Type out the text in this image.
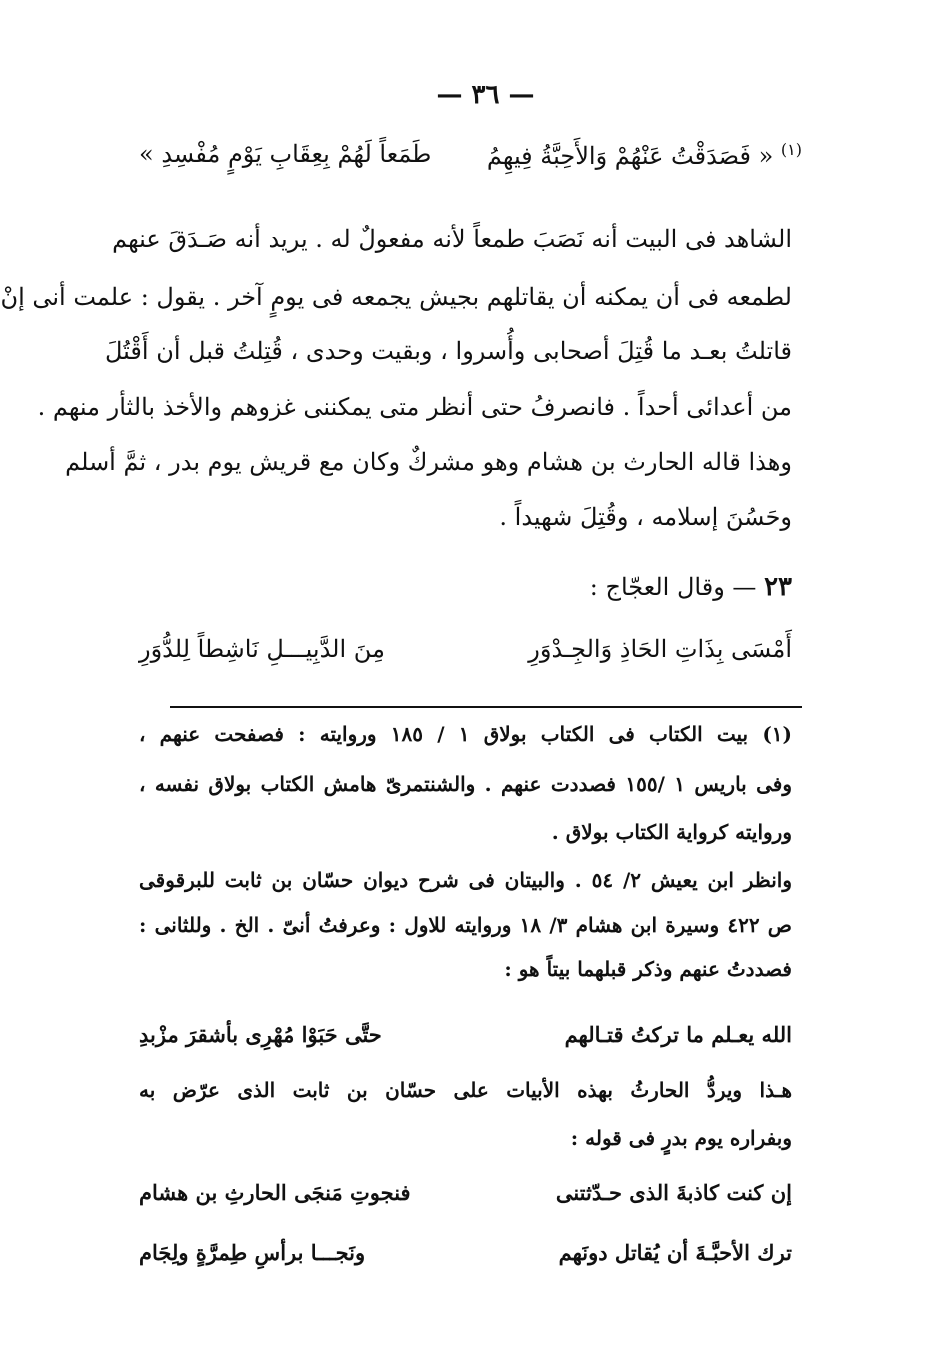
— ٣٦ —
$^{(١)}$ « فَصَدَقْتُ عَنْهُمْ وَالأَحِبَّةُ فِيهِمُ
طَمَعاً لَهُمْ بِعِقَابِ يَوْمٍ مُفْسِدِ »
الشاهد فى البيت أنه نَصَبَ طمعاً لأنه مفعولٌ له . يريد أنه صَـدَقَ عنهم
لطمعه فى أن يمكنه أن يقاتلهم بجيش يجمعه فى يومٍ آخر . يقول : علمت أنى إنْ
قاتلتُ بعـد ما قُتِلَ أصحابى وأُسروا ، وبقيت وحدى ، قُتِلتُ قبل أن أَقْتُلَ
من أعدائى أحداً . فانصرفُ حتى أنظر متى يمكننى غزوهم والأخذ بالثأر منهم .
وهذا قاله الحارث بن هشام وهو مشركٌ وكان مع قريش يوم بدر ، ثمَّ أسلم
وحَسُنَ إسلامه ، وقُتِلَ شهيداً .
٢٣ — وقال العجّاج :
أَمْسَى بِذَاتِ الحَاذِ وَالجِـدْوَرِ
مِنَ الدَّبِيـــلِ نَاشِطاً لِلدُّوَرِ
(١) بيت الكتاب فى الكتاب بولاق ١ / ١٨٥ وروايته : فصفحت عنهم ،
وفى باريس ١ /١٥٥ فصددت عنهم . والشنتمرىّ هامش الكتاب بولاق نفسه ،
وروايته كرواية الكتاب بولاق .
وانظر ابن يعيش ٢/ ٥٤ . والبيتان فى شرح ديوان حسّان بن ثابت للبرقوقى
ص ٤٢٢ وسيرة ابن هشام ٣/ ١٨ وروايته للاول : وعرفتُ أنىّ . الخ . وللثانى :
فصددتُ عنهم وذكر قبلهما بيتاً هو :
الله يعـلم ما تركتُ قتـالهم
حتَّى حَبَوْا مُهْرِى بأشقرَ مزْبدِ
هـذا ويردُّ الحارثُ بهذه الأبيات على حسّان بن ثابت الذى عرّض به
وبفراره يوم بدرٍ فى قوله :
إن كنت كاذبةَ الذى حـدّثتنى
فنجوتِ مَنجَى الحارثِ بن هشام
ترك الأحبَّـةَ أن يُقاتل دونَهم
ونَجـــا برأسِ طِمرَّةٍ ولِجَام
